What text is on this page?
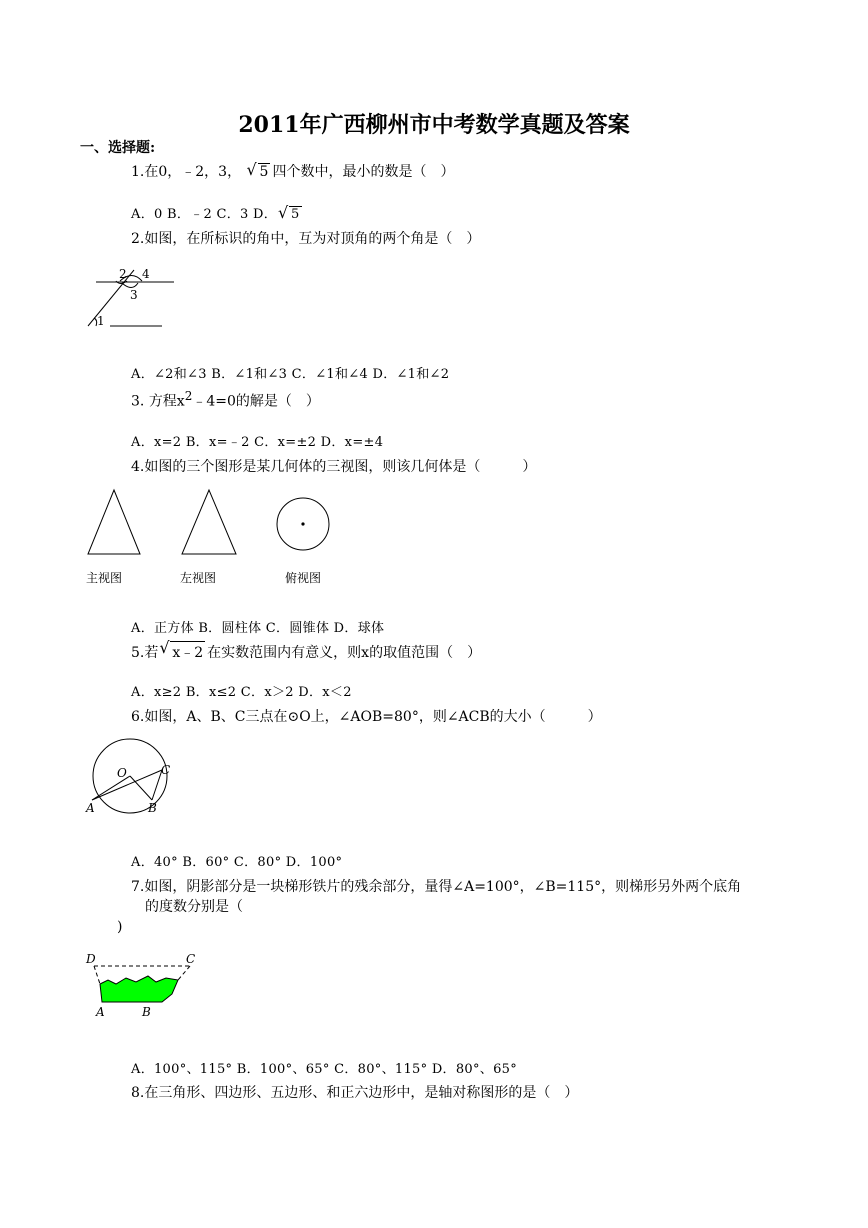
2011年广西柳州市中考数学真题及答案
一、选择题:
1.在0，﹣2，3， √ 5 四个数中，最小的数是（　）
A．0 B．﹣2 C．3 D． √ 5
2.如图，在所标识的角中，互为对顶角的两个角是（　）
2 4
3
1
A．∠2和∠3 B．∠1和∠3 C．∠1和∠4 D．∠1和∠2
3. 方程$x^2﹣4=0$的解是（　）
A．x=2 B．x=﹣2 C．x=±2 D．x=±4
4.如图的三个图形是某几何体的三视图，则该几何体是（　　　）
主视图	左视图	俯视图
A．正方体 B．圆柱体 C．圆锥体 D．球体
5.若 √ x﹣2 在实数范围内有意义，则x的取值范围（　）
A．x≥2 B．x≤2 C．x＞2 D．x＜2
6.如图，A、B、C三点在⊙O上，∠AOB=80°，则∠ACB的大小（　　　）
O	C
A	B
A．40° B．60° C．80° D．100°
7.如图，阴影部分是一块梯形铁片的残余部分，量得∠A=100°，∠B=115°，则梯形另外两个底角
的度数分别是（
)
D	C
A	B
A．100°、115° B．100°、65° C．80°、115° D．80°、65°
8.在三角形、四边形、五边形、和正六边形中，是轴对称图形的是（　）
